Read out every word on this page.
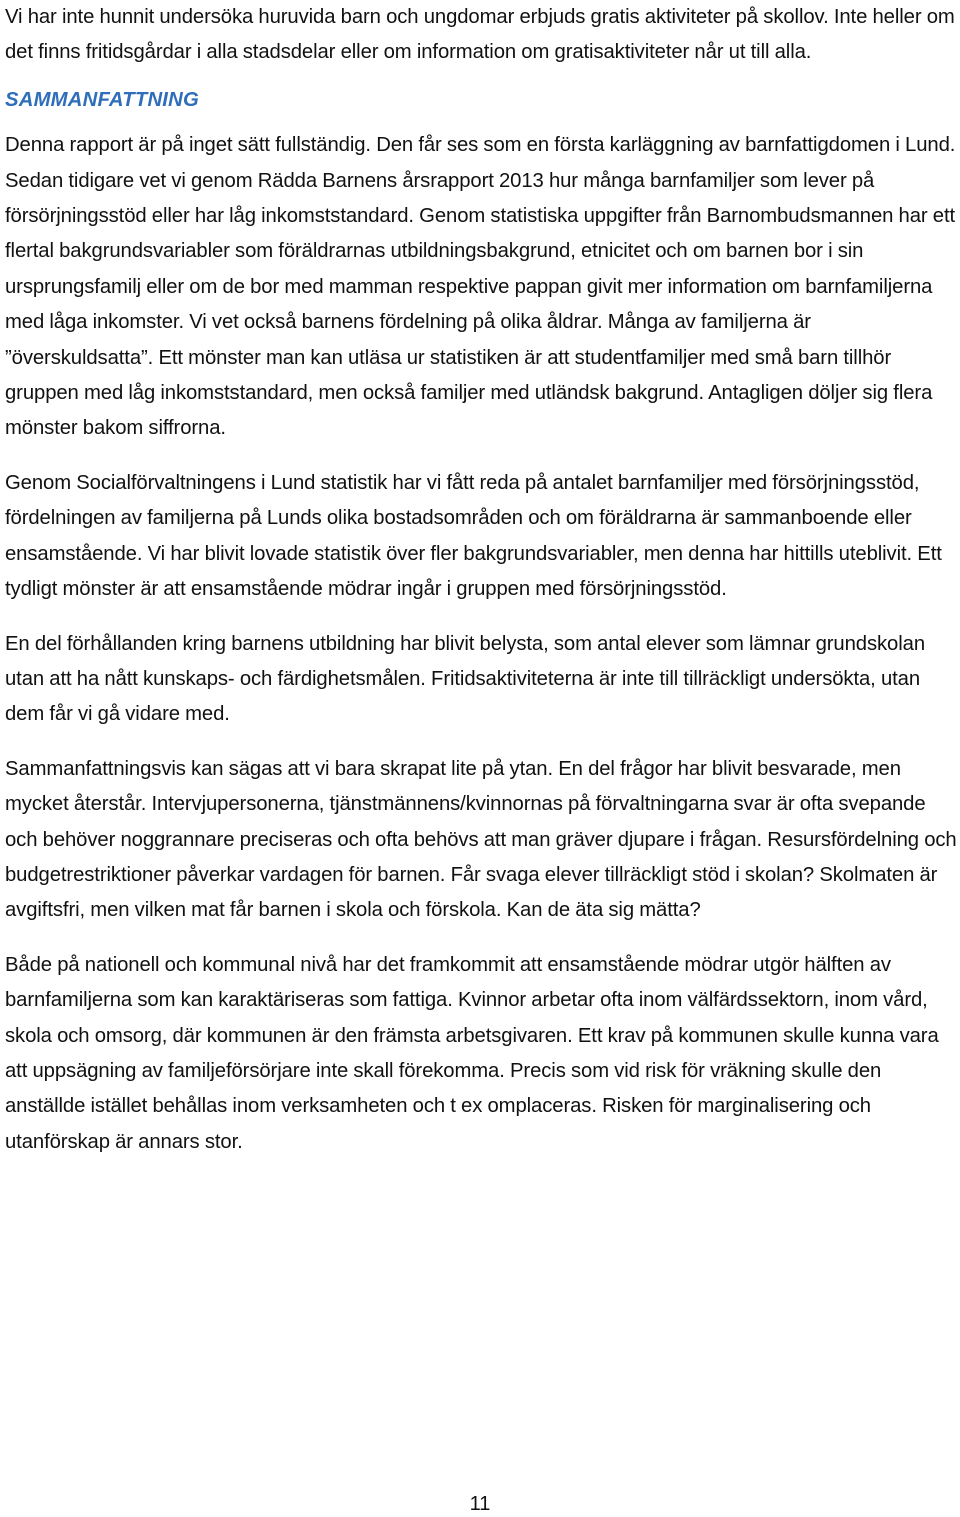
Vi har inte hunnit undersöka huruvida barn och ungdomar erbjuds gratis aktiviteter på skollov. Inte heller om det finns fritidsgårdar i alla stadsdelar eller om information om gratisaktiviteter når ut till alla.

SAMMANFATTNING

Denna rapport är på inget sätt fullständig. Den får ses som en första karläggning av barnfattigdomen i Lund. Sedan tidigare vet vi genom Rädda Barnens årsrapport 2013 hur många barnfamiljer som lever på försörjningsstöd eller har låg inkomststandard. Genom statistiska uppgifter från Barnombudsmannen har ett flertal bakgrundsvariabler som föräldrarnas utbildningsbakgrund, etnicitet och om barnen bor i sin ursprungsfamilj eller om de bor med mamman respektive pappan givit mer information om barnfamiljerna med låga inkomster. Vi vet också barnens fördelning på olika åldrar. Många av familjerna är ”överskuldsatta”. Ett mönster man kan utläsa ur statistiken är att studentfamiljer med små barn tillhör gruppen med låg inkomststandard, men också familjer med utländsk bakgrund. Antagligen döljer sig flera mönster bakom siffrorna.

Genom Socialförvaltningens i Lund statistik har vi fått reda på antalet barnfamiljer med försörjningsstöd, fördelningen av familjerna på Lunds olika bostadsområden och om föräldrarna är sammanboende eller ensamstående. Vi har blivit lovade statistik över fler bakgrundsvariabler, men denna har hittills uteblivit. Ett tydligt mönster är att ensamstående mödrar ingår i gruppen med försörjningsstöd.

En del förhållanden kring barnens utbildning har blivit belysta, som antal elever som lämnar grundskolan utan att ha nått kunskaps- och färdighetsmålen. Fritidsaktiviteterna är inte till tillräckligt undersökta, utan dem får vi gå vidare med.

Sammanfattningsvis kan sägas att vi bara skrapat lite på ytan. En del frågor har blivit besvarade, men mycket återstår. Intervjupersonerna, tjänstmännens/kvinnornas på förvaltningarna svar är ofta svepande och behöver noggrannare preciseras och ofta behövs att man gräver djupare i frågan. Resursfördelning och budgetrestriktioner påverkar vardagen för barnen. Får svaga elever tillräckligt stöd i skolan? Skolmaten är avgiftsfri, men vilken mat får barnen i skola och förskola. Kan de äta sig mätta?

Både på nationell och kommunal nivå har det framkommit att ensamstående mödrar utgör hälften av barnfamiljerna som kan karaktäriseras som fattiga. Kvinnor arbetar ofta inom välfärdssektorn, inom vård, skola och omsorg, där kommunen är den främsta arbetsgivaren. Ett krav på kommunen skulle kunna vara att uppsägning av familjeförsörjare inte skall förekomma. Precis som vid risk för vräkning skulle den anställde istället behållas inom verksamheten och t ex omplaceras. Risken för marginalisering och utanförskap är annars stor.

11
